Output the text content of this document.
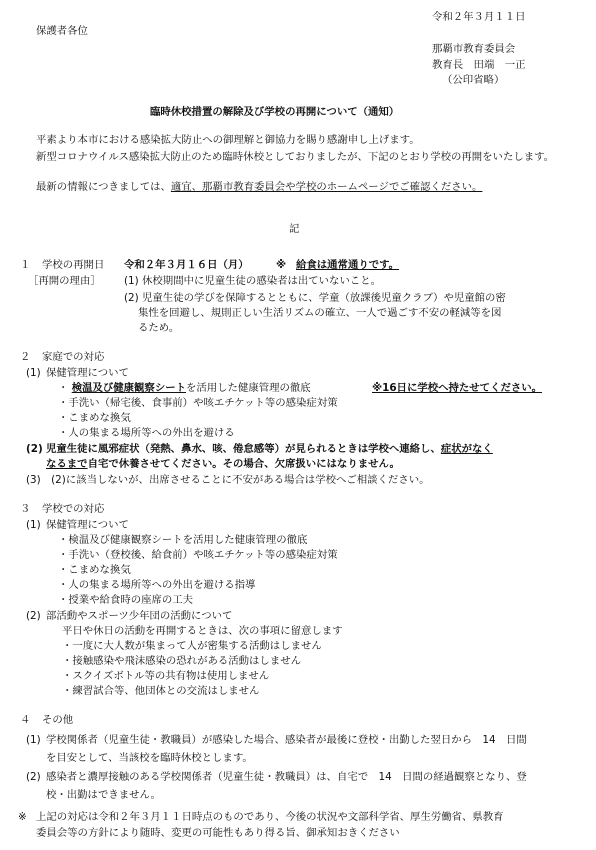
令和２年３月１１日
保護者各位
那覇市教育委員会
教育長　田端　一正
（公印省略）
臨時休校措置の解除及び学校の再開について（通知）
平素より本市における感染拡大防止への御理解と御協力を賜り感謝申し上げます。
新型コロナウイルス感染拡大防止のため臨時休校としておりましたが、下記のとおり学校の再開をいたします。
最新の情報につきましては、適宜、那覇市教育委員会や学校のホームページでご確認ください。
記
１ 学校の再開日 令和２年３月１６日（月）	※ 給食は通常通りです。
［再開の理由］ (1) 休校期間中に児童生徒の感染者は出ていないこと。
(2) 児童生徒の学びを保障するとともに、学童（放課後児童クラブ）や児童館の密
集性を回避し、規則正しい生活リズムの確立、一人で過ごす不安の軽減等を図
るため。
２ 家庭での対応
(1) 保健管理について
・ 検温及び健康観察シートを活用した健康管理の徹底	※16日に学校へ持たせてください。
・ 手洗い（帰宅後、食事前）や咳エチケット等の感染症対策
・ こまめな換気
・ 人の集まる場所等への外出を避ける
(2) 児童生徒に風邪症状（発熱、鼻水、咳、倦怠感等）が見られるときは学校へ連絡し、症状がなく
なるまで自宅で休養させてください。その場合、欠席扱いにはなりません。
(3)　(2)に該当しないが、出席させることに不安がある場合は学校へご相談ください。
３ 学校での対応
(1) 保健管理について
・ 検温及び健康観察シートを活用した健康管理の徹底
・ 手洗い（登校後、給食前）や咳エチケット等の感染症対策
・ こまめな換気
・ 人の集まる場所等への外出を避ける指導
・ 授業や給食時の座席の工夫
(2) 部活動やスポーツ少年団の活動について
平日や休日の活動を再開するときは、次の事項に留意します
・ 一度に大人数が集まって人が密集する活動はしません
・ 接触感染や飛沫感染の恐れがある活動はしません
・ スクイズボトル等の共有物は使用しません
・ 練習試合等、他団体との交流はしません
４ その他
(1) 学校関係者（児童生徒・教職員）が感染した場合、感染者が最後に登校・出勤した翌日から　14　日間
を目安として、当該校を臨時休校とします。
(2) 感染者と濃厚接触のある学校関係者（児童生徒・教職員）は、自宅で　14　日間の経過観察となり、登
校・出勤はできません。
※ 上記の対応は令和２年３月１１日時点のものであり、今後の状況や文部科学省、厚生労働省、県教育
委員会等の方針により随時、変更の可能性もあり得る旨、御承知おきください
